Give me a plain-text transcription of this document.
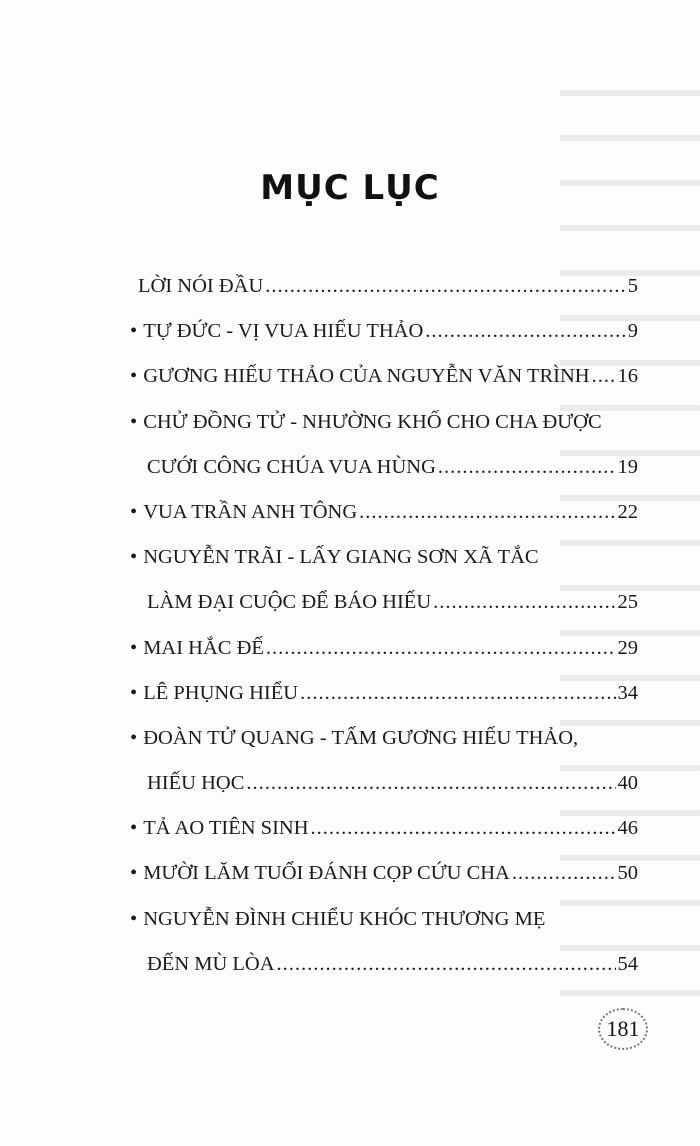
MỤC LỤC
LỜI NÓI ĐẦU .....	5
• TỰ ĐỨC - VỊ VUA HIẾU THẢO .....	9
• GƯƠNG HIẾU THẢO CỦA NGUYỄN VĂN TRÌNH ..... 16
• CHỬ ĐỒNG TỬ - NHƯỜNG KHỐ CHO CHA ĐƯỢC
CƯỚI CÔNG CHÚA VUA HÙNG .....	19
• VUA TRẦN ANH TÔNG .....	22
• NGUYỄN TRÃI - LẤY GIANG SƠN XÃ TẮC
LÀM ĐẠI CUỘC ĐỂ BÁO HIẾU .....	25
• MAI HẮC ĐẾ .....	29
• LÊ PHỤNG HIỂU .....	34
• ĐOÀN TỬ QUANG - TẤM GƯƠNG HIẾU THẢO,
HIẾU HỌC .....	40
• TẢ AO TIÊN SINH .....	46
• MƯỜI LĂM TUỔI ĐÁNH CỌP CỨU CHA .....	50
• NGUYỄN ĐÌNH CHIỂU KHÓC THƯƠNG MẸ
ĐẾN MÙ LÒA .....	54
181
